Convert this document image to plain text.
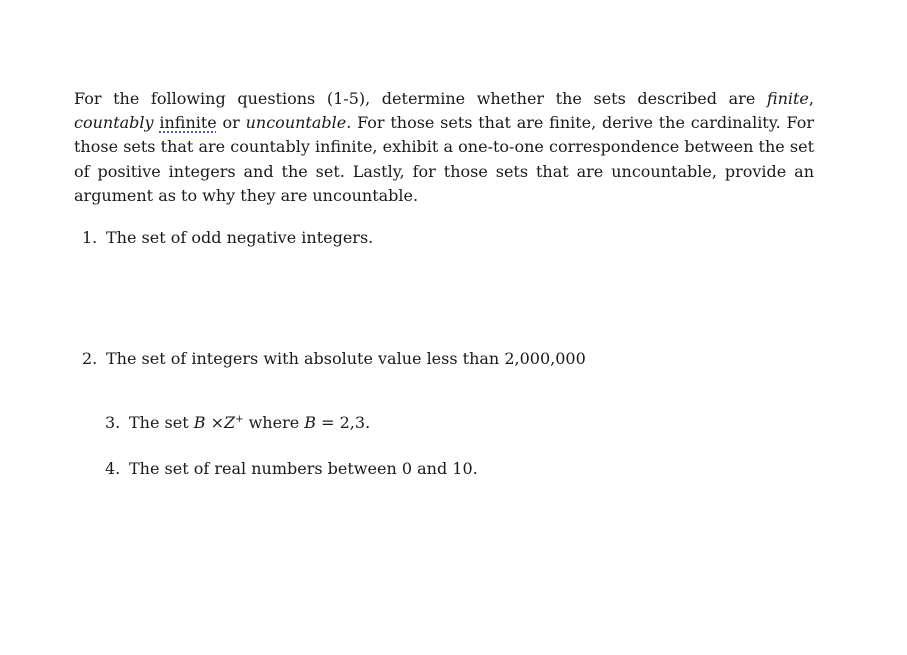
For the following questions (1-5), determine whether the sets described are finite, countably infinite or uncountable. For those sets that are finite, derive the cardinality. For those sets that are countably infinite, exhibit a one-to-one correspondence between the set of positive integers and the set. Lastly, for those sets that are uncountable, provide an argument as to why they are uncountable.

1. The set of odd negative integers.

2. The set of integers with absolute value less than 2,000,000

3. The set B ×Z+ where B = 2,3.

4. The set of real numbers between 0 and 10.
